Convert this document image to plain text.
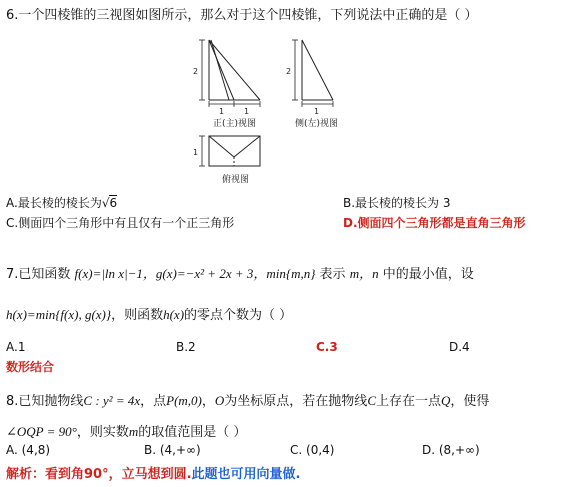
6.一个四棱锥的三视图如图所示，那么对于这个四棱锥，下列说法中正确的是（ ）
2
1 1
2
1
1
正(主)视图	侧(左)视图
俯视图
A.最长棱的棱长为√6	B.最长棱的棱长为 3
C.侧面四个三角形中有且仅有一个正三角形	D.侧面四个三角形都是直角三角形
7.已知函数 f(x)=|ln x|−1，g(x)=−x² + 2x + 3，min{m,n} 表示 m，n 中的最小值，设
h(x)=min{f(x), g(x)}，则函数h(x)的零点个数为（ ）
A.1	B.2	C.3	D.4
数形结合
8.已知抛物线C : y² = 4x，点P(m,0)，O为坐标原点，若在抛物线C上存在一点Q，使得
∠OQP = 90°，则实数m的取值范围是（ ）
A. (4,8)	B. (4,+∞)	C. (0,4)	D. (8,+∞)
解析：看到角90°，立马想到圆.此题也可用向量做.
